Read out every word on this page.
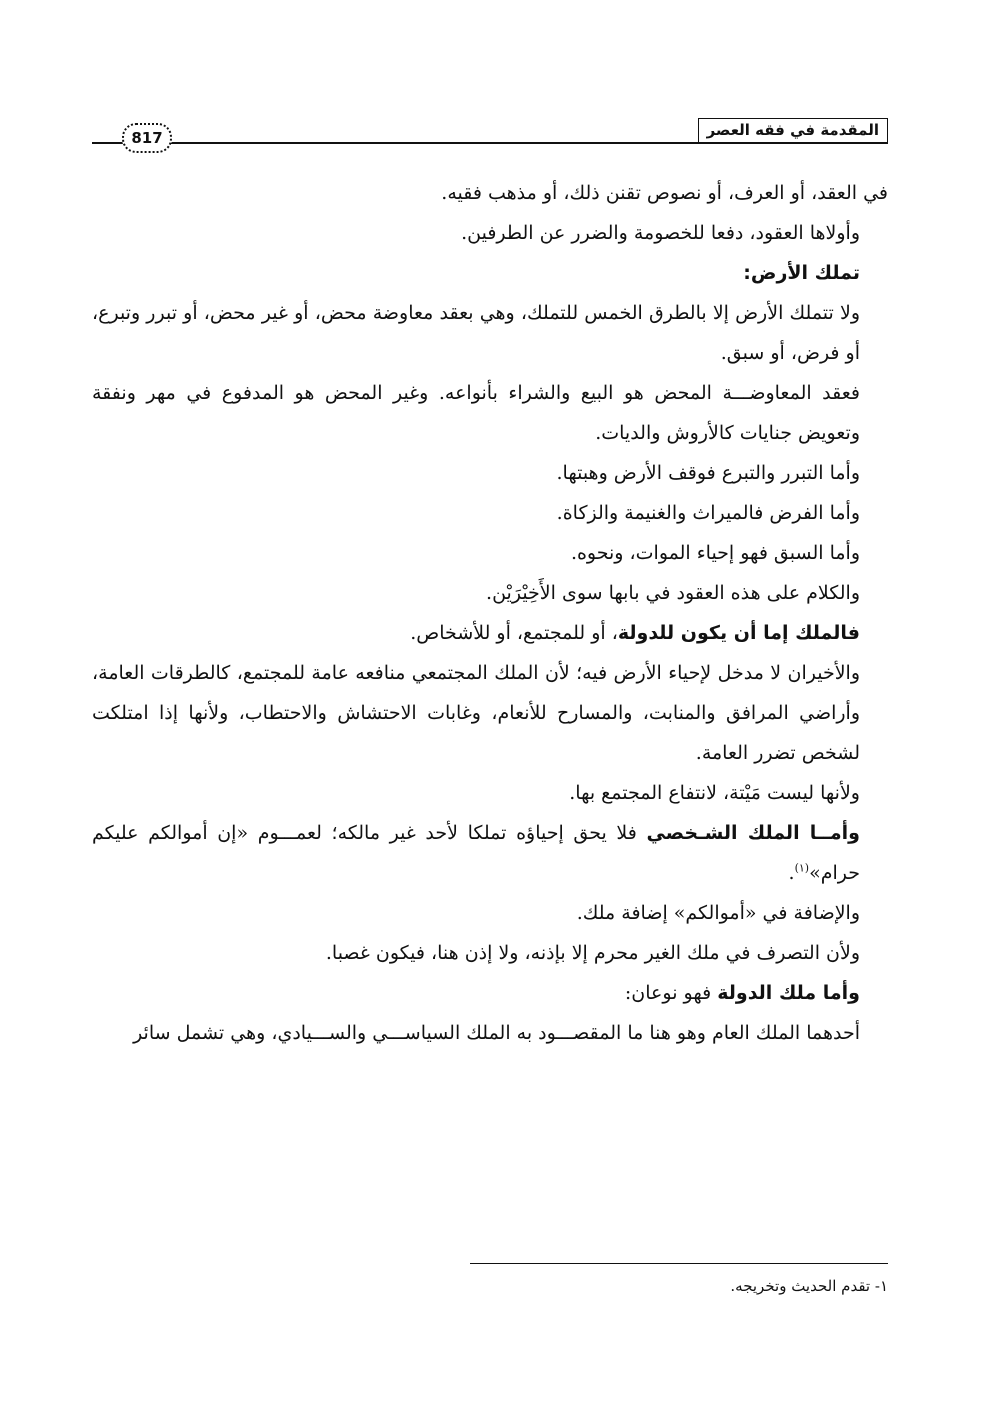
المقدمة في فقه العصر
817

في العقد، أو العرف، أو نصوص تقنن ذلك، أو مذهب فقيه.

وأولاها العقود، دفعا للخصومة والضرر عن الطرفين.

تملك الأرض:

ولا تتملك الأرض إلا بالطرق الخمس للتملك، وهي بعقد معاوضة محض، أو غير محض، أو تبرر وتبرع، أو فرض، أو سبق.

فعقد المعاوضـــة المحض هو البيع والشراء بأنواعه. وغير المحض هو المدفوع في مهر ونفقة وتعويض جنايات كالأروش والديات.

وأما التبرر والتبرع فوقف الأرض وهبتها.

وأما الفرض فالميراث والغنيمة والزكاة.

وأما السبق فهو إحياء الموات، ونحوه.

والكلام على هذه العقود في بابها سوى الأَخِيْرَيْن.

فالملك إما أن يكون للدولة، أو للمجتمع، أو للأشخاص.

والأخيران لا مدخل لإحياء الأرض فيه؛ لأن الملك المجتمعي منافعه عامة للمجتمع، كالطرقات العامة، وأراضي المرافق والمنابت، والمسارح للأنعام، وغابات الاحتشاش والاحتطاب، ولأنها إذا امتلكت لشخص تضرر العامة.

ولأنها ليست مَيْتة، لانتفاع المجتمع بها.

وأمــا الملك الشـخصي فلا يحق إحياؤه تملكا لأحد غير مالكه؛ لعمـــوم «إن أموالكم عليكم حرام»$^{(١)}$.

والإضافة في «أموالكم» إضافة ملك.

ولأن التصرف في ملك الغير محرم إلا بإذنه، ولا إذن هنا، فيكون غصبا.

وأما ملك الدولة فهو نوعان:

أحدهما الملك العام وهو هنا ما المقصـــود به الملك السياســـي والســـيادي، وهي تشمل سائر

١- تقدم الحديث وتخريجه.
